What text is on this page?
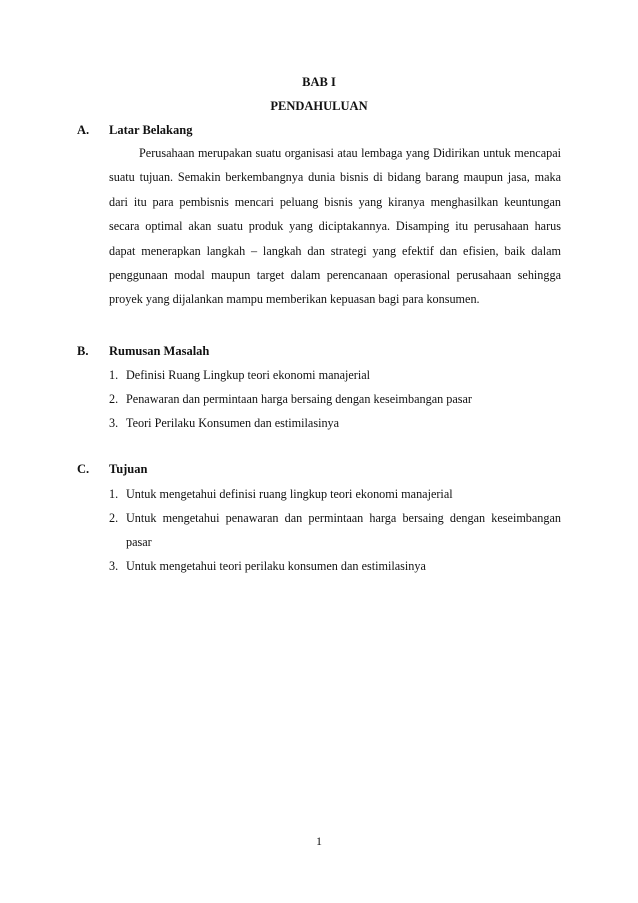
BAB I
PENDAHULUAN
A. Latar Belakang

Perusahaan merupakan suatu organisasi atau lembaga yang Didirikan untuk mencapai suatu tujuan. Semakin berkembangnya dunia bisnis di bidang barang maupun jasa, maka dari itu para pembisnis mencari peluang bisnis yang kiranya menghasilkan keuntungan secara optimal akan suatu produk yang diciptakannya. Disamping itu perusahaan harus dapat menerapkan langkah – langkah dan strategi yang efektif dan efisien, baik dalam penggunaan modal maupun target dalam perencanaan operasional perusahaan sehingga proyek yang dijalankan mampu memberikan kepuasan bagi para konsumen.

B. Rumusan Masalah
1. Definisi Ruang Lingkup teori ekonomi manajerial
2. Penawaran dan permintaan harga bersaing dengan keseimbangan pasar
3. Teori Perilaku Konsumen dan estimilasinya
C. Tujuan
1. Untuk mengetahui definisi ruang lingkup teori ekonomi manajerial
2. Untuk mengetahui penawaran dan permintaan harga bersaing dengan keseimbangan pasar
3. Untuk mengetahui teori perilaku konsumen dan estimilasinya
1
